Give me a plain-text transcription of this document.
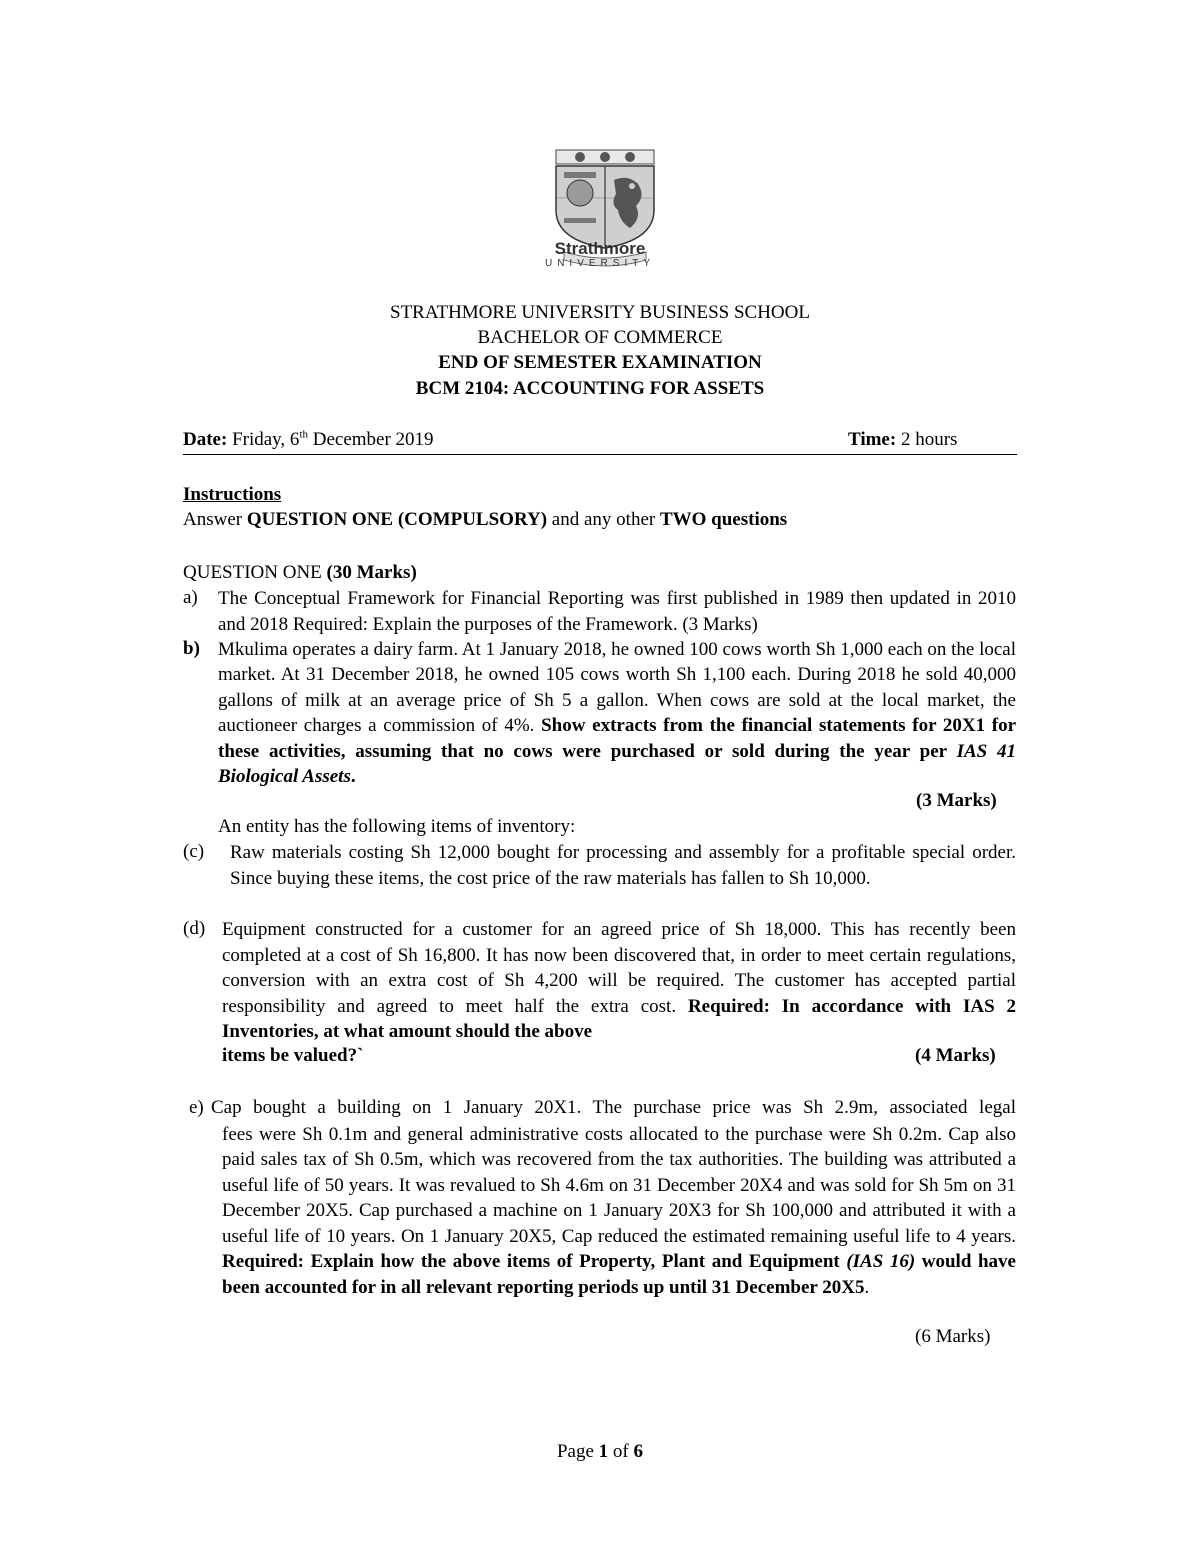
Strathmore
UNIVERSITY
STRATHMORE UNIVERSITY BUSINESS SCHOOL
BACHELOR OF COMMERCE
END OF SEMESTER EXAMINATION
BCM 2104: ACCOUNTING FOR ASSETS
Date: Friday, 6th December 2019	Time: 2 hours
Instructions
Answer QUESTION ONE (COMPULSORY) and any other TWO questions
QUESTION ONE (30 Marks)
a) The Conceptual Framework for Financial Reporting was first published in 1989 then updated in 2010 and 2018 Required: Explain the purposes of the Framework. (3 Marks)
b) Mkulima operates a dairy farm. At 1 January 2018, he owned 100 cows worth Sh 1,000 each on the local market. At 31 December 2018, he owned 105 cows worth Sh 1,100 each. During 2018 he sold 40,000 gallons of milk at an average price of Sh 5 a gallon. When cows are sold at the local market, the auctioneer charges a commission of 4%. Show extracts from the financial statements for 20X1 for these activities, assuming that no cows were purchased or sold during the year per IAS 41 Biological Assets.
(3 Marks)
An entity has the following items of inventory:
(c) Raw materials costing Sh 12,000 bought for processing and assembly for a profitable special order. Since buying these items, the cost price of the raw materials has fallen to Sh 10,000.
(d) Equipment constructed for a customer for an agreed price of Sh 18,000. This has recently been completed at a cost of Sh 16,800. It has now been discovered that, in order to meet certain regulations, conversion with an extra cost of Sh 4,200 will be required. The customer has accepted partial responsibility and agreed to meet half the extra cost. Required: In accordance with IAS 2 Inventories, at what amount should the above
items be valued?`	(4 Marks)
e) Cap bought a building on 1 January 20X1. The purchase price was Sh 2.9m, associated legal
fees were Sh 0.1m and general administrative costs allocated to the purchase were Sh 0.2m. Cap also paid sales tax of Sh 0.5m, which was recovered from the tax authorities. The building was attributed a useful life of 50 years. It was revalued to Sh 4.6m on 31 December 20X4 and was sold for Sh 5m on 31 December 20X5. Cap purchased a machine on 1 January 20X3 for Sh 100,000 and attributed it with a useful life of 10 years. On 1 January 20X5, Cap reduced the estimated remaining useful life to 4 years. Required: Explain how the above items of Property, Plant and Equipment (IAS 16) would have been accounted for in all relevant reporting periods up until 31 December 20X5.
(6 Marks)
Page 1 of 6
